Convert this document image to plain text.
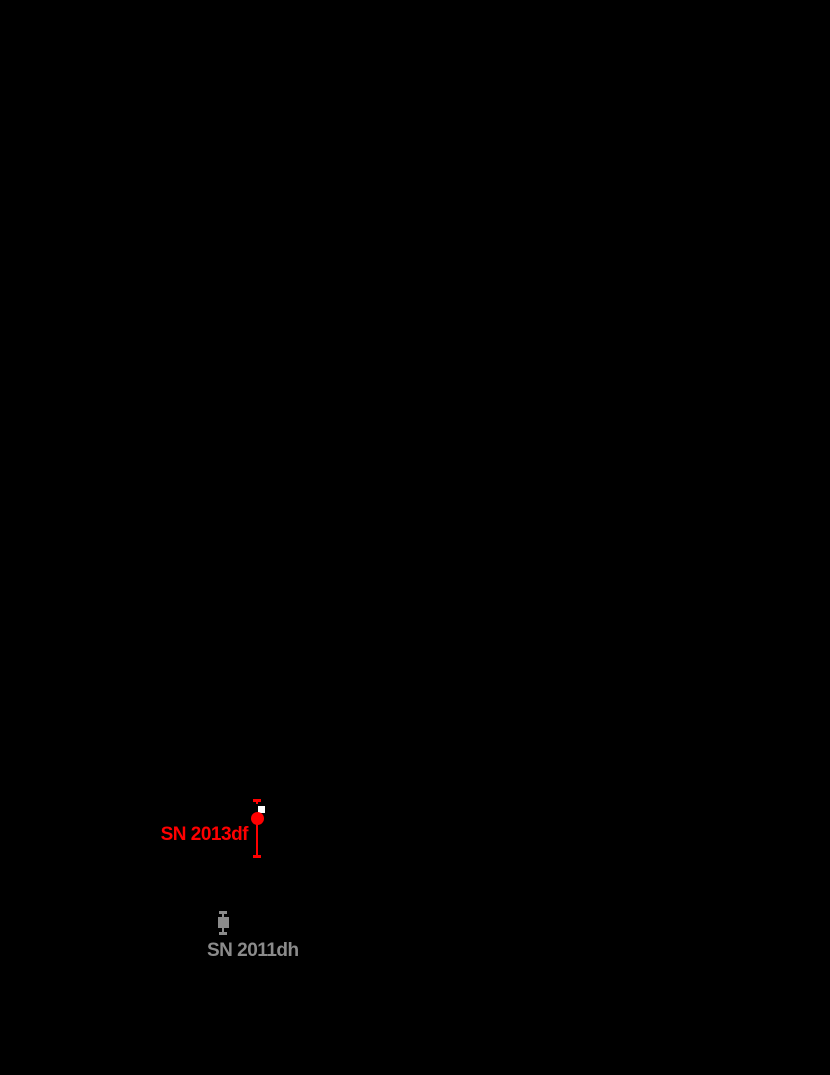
SN 2013df
SN 2011dh
